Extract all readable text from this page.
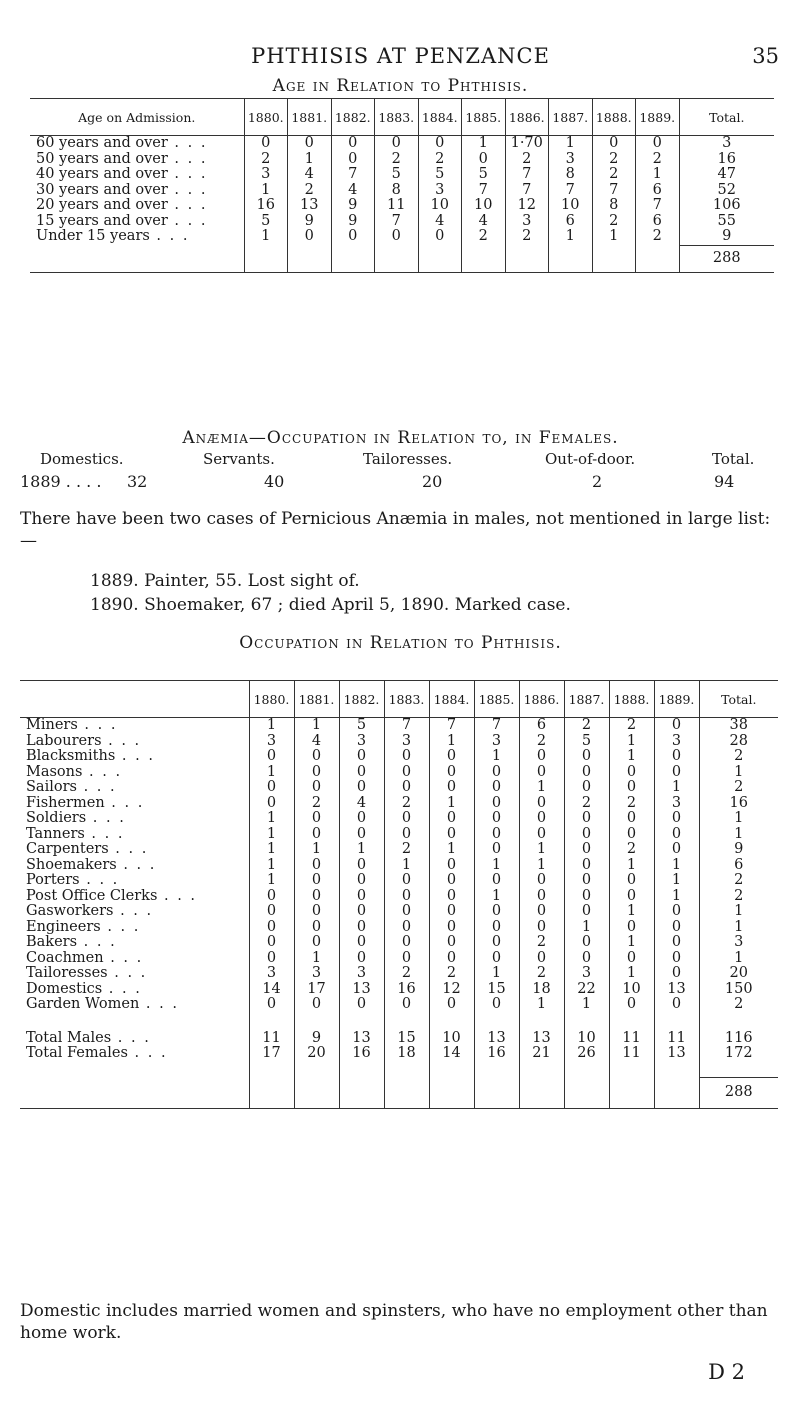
PHTHISIS AT PENZANCE	35
Age in Relation to Phthisis.
Age on Admission.	1880.	1881.	1882.	1883.	1884.	1885.	1886.	1887.	1888.	1889.	Total.
60 years and over . . .	0	0	0	0	0	1	1·70	1	0	0	3
50 years and over . . .	2	1	0	2	2	0	2	3	2	2	16
40 years and over . . .	3	4	7	5	5	5	7	8	2	1	47
30 years and over . . .	1	2	4	8	3	7	7	7	7	6	52
20 years and over . . .	16	13	9	11	10	10	12	10	8	7	106
15 years and over . . .	5	9	9	7	4	4	3	6	2	6	55
Under 15 years . . .	1	0	0	0	0	2	2	1	1	2	9
											288
Anæmia—Occupation in Relation to, in Females.
Domestics.	Servants.	Tailoresses.	Out-of-door.	Total.
1889 . . . . 32	40	20	2	94
There have been two cases of Pernicious Anæmia in males, not mentioned in large list:—
1889. Painter, 55. Lost sight of.
1890. Shoemaker, 67 ; died April 5, 1890. Marked case.
Occupation in Relation to Phthisis.
	1880.	1881.	1882.	1883.	1884.	1885.	1886.	1887.	1888.	1889.	Total.
Miners . . .	1	1	5	7	7	7	6	2	2	0	38
Labourers . . .	3	4	3	3	1	3	2	5	1	3	28
Blacksmiths . . .	0	0	0	0	0	1	0	0	1	0	2
Masons . . .	1	0	0	0	0	0	0	0	0	0	1
Sailors . . .	0	0	0	0	0	0	1	0	0	1	2
Fishermen . . .	0	2	4	2	1	0	0	2	2	3	16
Soldiers . . .	1	0	0	0	0	0	0	0	0	0	1
Tanners . . .	1	0	0	0	0	0	0	0	0	0	1
Carpenters . . .	1	1	1	2	1	0	1	0	2	0	9
Shoemakers . . .	1	0	0	1	0	1	1	0	1	1	6
Porters . . .	1	0	0	0	0	0	0	0	0	1	2
Post Office Clerks . . .	0	0	0	0	0	1	0	0	0	1	2
Gasworkers . . .	0	0	0	0	0	0	0	0	1	0	1
Engineers . . .	0	0	0	0	0	0	0	1	0	0	1
Bakers . . .	0	0	0	0	0	0	2	0	1	0	3
Coachmen . . .	0	1	0	0	0	0	0	0	0	0	1
Tailoresses . . .	3	3	3	2	2	1	2	3	1	0	20
Domestics . . .	14	17	13	16	12	15	18	22	10	13	150
Garden Women . . .	0	0	0	0	0	0	1	1	0	0	2

Total Males . . .	11	9	13	15	10	13	13	10	11	11	116
Total Females . . .	17	20	16	18	14	16	21	26	11	13	172

											288
Domestic includes married women and spinsters, who have no employment other than home work.
D 2
